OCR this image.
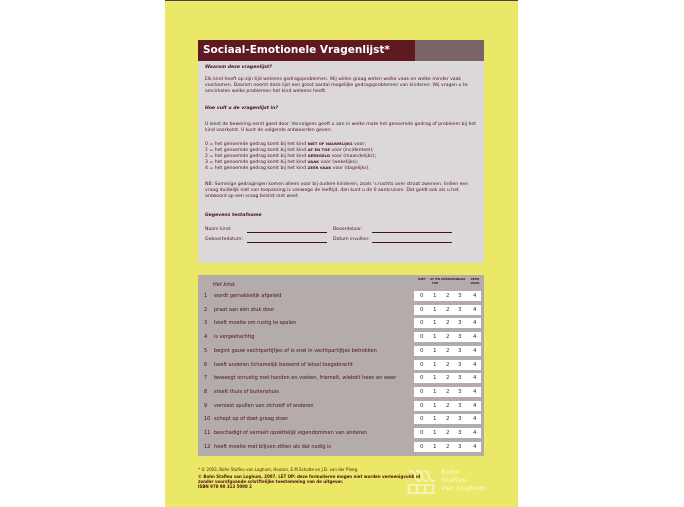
Sociaal-Emotionele Vragenlijst*
Waarom deze vragenlijst?
Elk kind heeft op zijn tijd weleens gedragsproblemen. Wij willen graag weten welke vaak en welke minder vaak voorkomen. Daarom noemt deze lijst een groot aantal mogelijke gedragsproblemen van kinderen. Wij vragen u te omcirkelen welke problemen het kind weleens heeft.
Hoe vult u de vragenlijst in?
U leest de bewering eerst goed door. Vervolgens geeft u aan in welke mate het genoemde gedrag of probleem bij het kind voorkomt. U kunt de volgende antwoorden geven:
0 = het genoemde gedrag komt bij het kind NIET OF NAUWELIJKS voor;
1 = het genoemde gedrag komt bij het kind AF EN TOE voor (incidenteel);
2 = het genoemde gedrag komt bij het kind GEREGELD voor (maandelijks);
3 = het genoemde gedrag komt bij het kind VAAK voor (wekelijks);
4 = het genoemde gedrag komt bij het kind ZEER VAAK voor (dagelijks).
NB: Sommige gedragingen komen alleen voor bij oudere kinderen, zoals 's nachts over straat zwerven. Indien een vraag duidelijk niet van toepassing is vanwege de leeftijd, dan kunt u de 0 aankruisen. Dat geldt ook als u het antwoord op een vraag beslist niet weet.
Gegevens testafname
Naam kind:	Beoordelaar:
Geboortedatum:	Datum invullen:
Het kind:
NIET	AF EN TOE
GEREGELD
VAAK	ZEER VAAK
1 wordt gemakkelijk afgeleid	0 1 2 3 4
2 praat aan één stuk door	0 1 2 3 4
3 heeft moeite om rustig te spelen	0 1 2 3 4
4 is vergeetachtig	0 1 2 3 4
5 begint gauw vechtpartijtjes of is snel in vechtpartijtjes betrokken	0 1 2 3 4
6 heeft anderen lichamelijk bezeerd of letsel toegebracht	0 1 2 3 4
7 beweegt onrustig met handen en voeten, friemelt, wiebelt heen en weer	0 1 2 3 4
8 steelt thuis of buitenshuis	0 1 2 3 4
9 verniest spullen van zichzelf of anderen	0 1 2 3 4
10 schept op of doet graag stoer	0 1 2 3 4
11 beschadigt of vernielt opzettelijk eigendommen van anderen	0 1 2 3 4
12 heeft moeite met blijven zitten als dat nodig is	0 1 2 3 4
* © 2003, Bohn Stafleu van Loghum, Houten, E.M.Scholte en J.D. van der Ploeg.
© Bohn Stafleu van Loghum, 2007. LET OP: deze formulieren mogen niet worden vermenigvuldigd zonder voorafgaande schriftelijke toestemming van de uitgever.
ISBN 978 90 313 5098 2
Bohn
Stafleu
van Loghum
